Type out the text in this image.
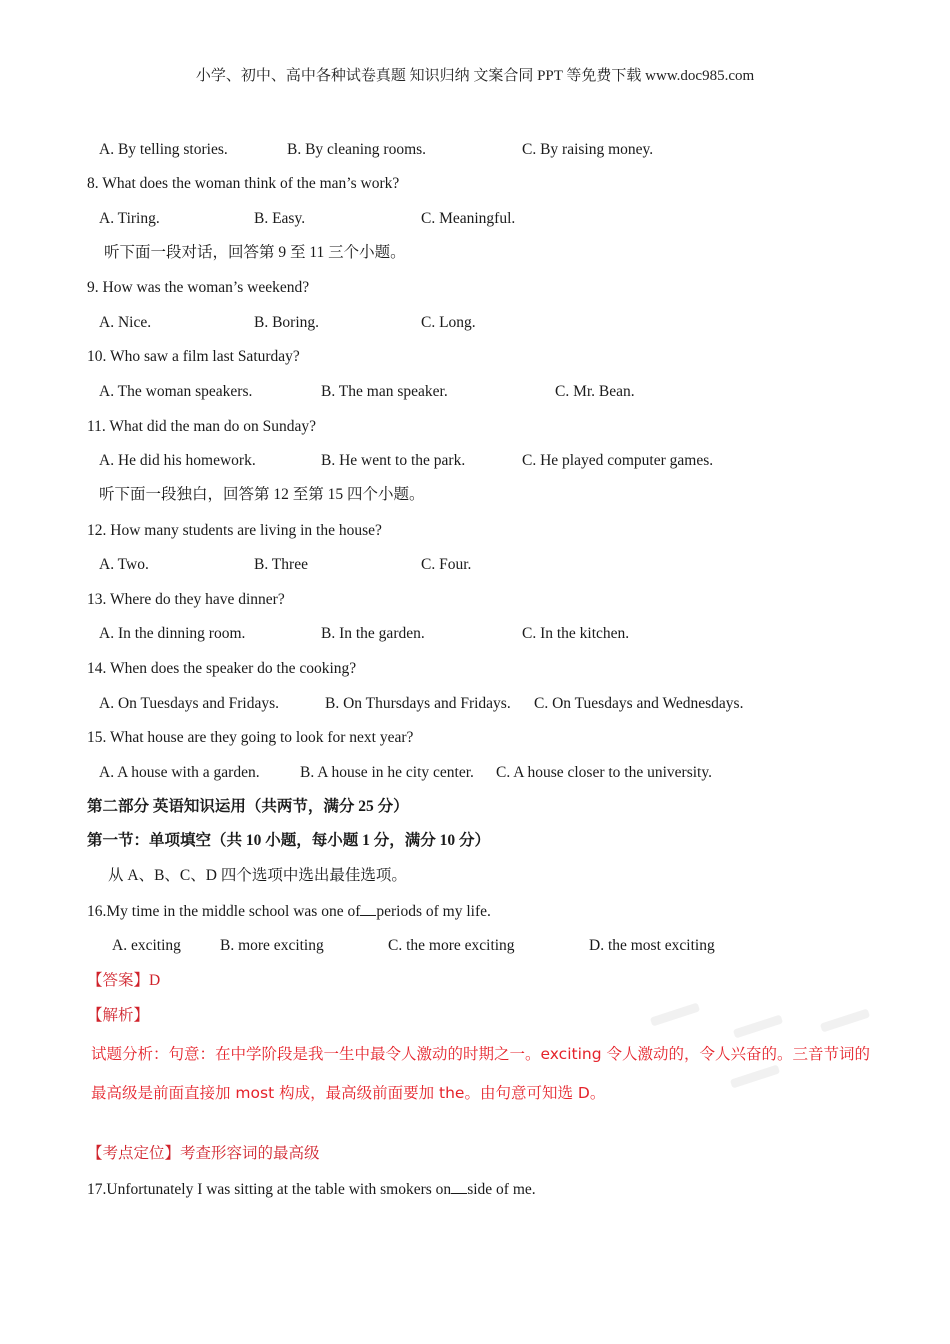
小学、初中、高中各种试卷真题 知识归纳 文案合同 PPT 等免费下载 www.doc985.com
A. By telling stories.	B. By cleaning rooms.	C. By raising money.
8. What does the woman think of the man’s work?
A. Tiring.	B. Easy.	C. Meaningful.
听下面一段对话，回答第 9 至 11 三个小题。
9. How was the woman’s weekend?
A. Nice.	B. Boring.	C. Long.
10. Who saw a film last Saturday?
A. The woman speakers.	B. The man speaker.	C. Mr. Bean.
11. What did the man do on Sunday?
A. He did his homework.	B. He went to the park.	C. He played computer games.
听下面一段独白，回答第 12 至第 15 四个小题。
12. How many students are living in the house?
A. Two.	B. Three	C. Four.
13. Where do they have dinner?
A. In the dinning room.	B. In the garden.	C. In the kitchen.
14. When does the speaker do the cooking?
A. On Tuesdays and Fridays.	B. On Thursdays and Fridays. C. On Tuesdays and Wednesdays.
15. What house are they going to look for next year?
A. A house with a garden.	B. A house in he city center. C. A house closer to the university.
第二部分 英语知识运用（共两节，满分 25 分）
第一节：单项填空（共 10 小题，每小题 1 分，满分 10 分）
从 A、B、C、D 四个选项中选出最佳选项。
16.My time in the middle school was one of periods of my life.
A. exciting	B. more exciting	C. the more exciting	D. the most exciting
【答案】D
【解析】
试题分析：句意：在中学阶段是我一生中最令人激动的时期之一。exciting 令人激动的，令人兴奋的。三音节词的最高级是前面直接加 most 构成，最高级前面要加 the。由句意可知选 D。
【考点定位】考查形容词的最高级
17.Unfortunately I was sitting at the table with smokers on side of me.
